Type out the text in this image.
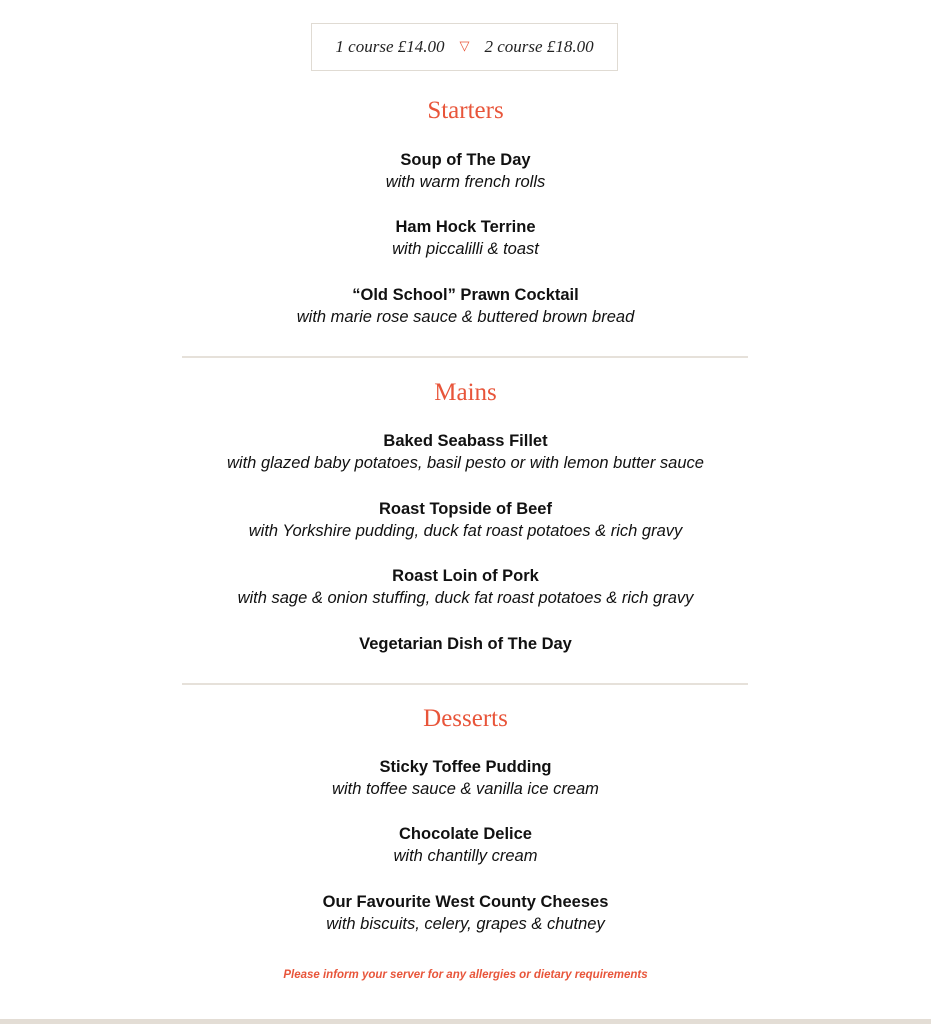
1 course £14.00 ▽ 2 course £18.00
Starters
Soup of The Day
with warm french rolls
Ham Hock Terrine
with piccalilli & toast
“Old School” Prawn Cocktail
with marie rose sauce & buttered brown bread
Mains
Baked Seabass Fillet
with glazed baby potatoes, basil pesto or with lemon butter sauce
Roast Topside of Beef
with Yorkshire pudding, duck fat roast potatoes & rich gravy
Roast Loin of Pork
with sage & onion stuffing, duck fat roast potatoes & rich gravy
Vegetarian Dish of The Day
Desserts
Sticky Toffee Pudding
with toffee sauce & vanilla ice cream
Chocolate Delice
with chantilly cream
Our Favourite West County Cheeses
with biscuits, celery, grapes & chutney
Please inform your server for any allergies or dietary requirements
